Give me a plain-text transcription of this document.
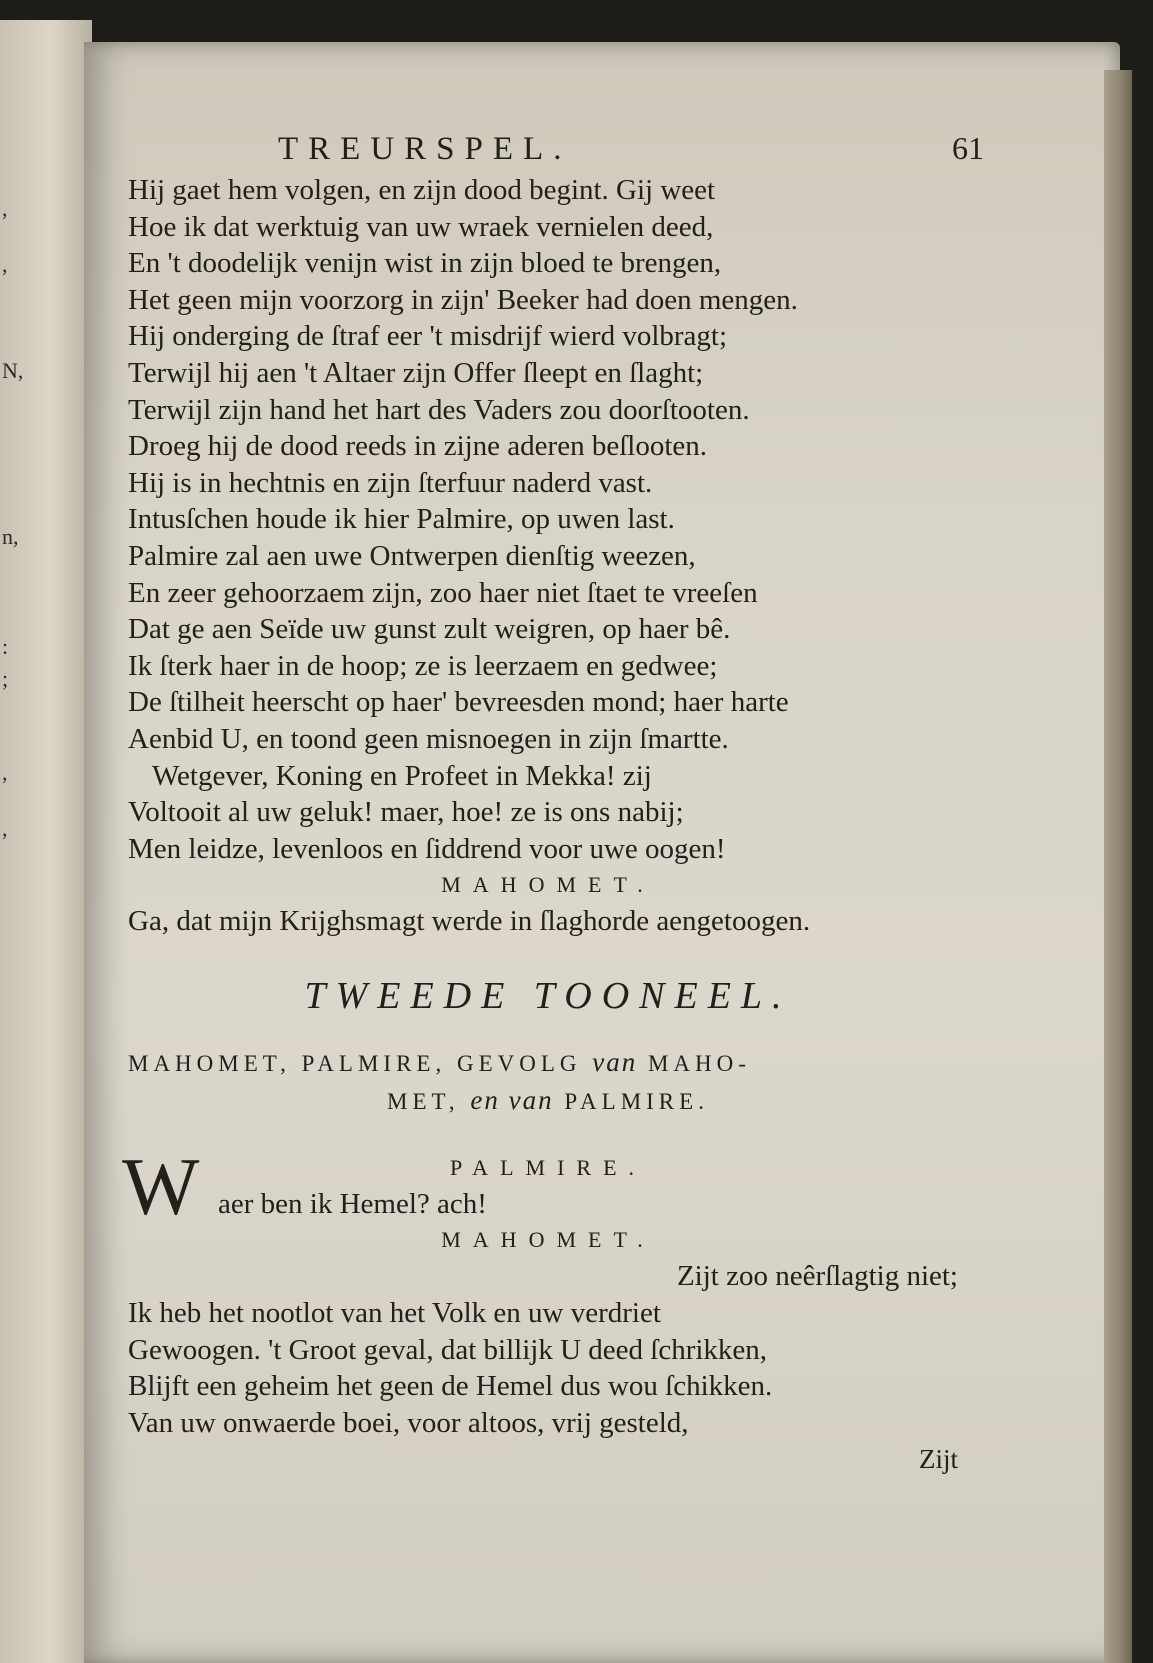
,
,
N,
n,
:
;
,
,
TREURSPEL.	61
Hij gaet hem volgen, en zijn dood begint. Gij weet
Hoe ik dat werktuig van uw wraek vernielen deed,
En 't doodelijk venijn wist in zijn bloed te brengen,
Het geen mijn voorzorg in zijn' Beeker had doen mengen.
Hij onderging de ſtraf eer 't misdrijf wierd volbragt;
Terwijl hij aen 't Altaer zijn Offer ſleept en ſlaght;
Terwijl zijn hand het hart des Vaders zou doorſtooten.
Droeg hij de dood reeds in zijne aderen beſlooten.
Hij is in hechtnis en zijn ſterfuur naderd vast.
Intusſchen houde ik hier Palmire, op uwen last.
Palmire zal aen uwe Ontwerpen dienſtig weezen,
En zeer gehoorzaem zijn, zoo haer niet ſtaet te vreeſen
Dat ge aen Seïde uw gunst zult weigren, op haer bê.
Ik ſterk haer in de hoop; ze is leerzaem en gedwee;
De ſtilheit heerscht op haer' bevreesden mond; haer harte
Aenbid U, en toond geen misnoegen in zijn ſmartte.
Wetgever, Koning en Profeet in Mekka! zij
Voltooit al uw geluk! maer, hoe! ze is ons nabij;
Men leidze, levenloos en ſiddrend voor uwe oogen!
MAHOMET.
Ga, dat mijn Krijghsmagt werde in ſlaghorde aengetoogen.
TWEEDE TOONEEL.
MAHOMET, PALMIRE, GEVOLG van MAHO-
MET, en van PALMIRE.
W	PALMIRE.
aer ben ik Hemel? ach!
MAHOMET.
Zijt zoo neêrſlagtig niet;
Ik heb het nootlot van het Volk en uw verdriet
Gewoogen. 't Groot geval, dat billijk U deed ſchrikken,
Blijft een geheim het geen de Hemel dus wou ſchikken.
Van uw onwaerde boei, voor altoos, vrij gesteld,
Zijt
